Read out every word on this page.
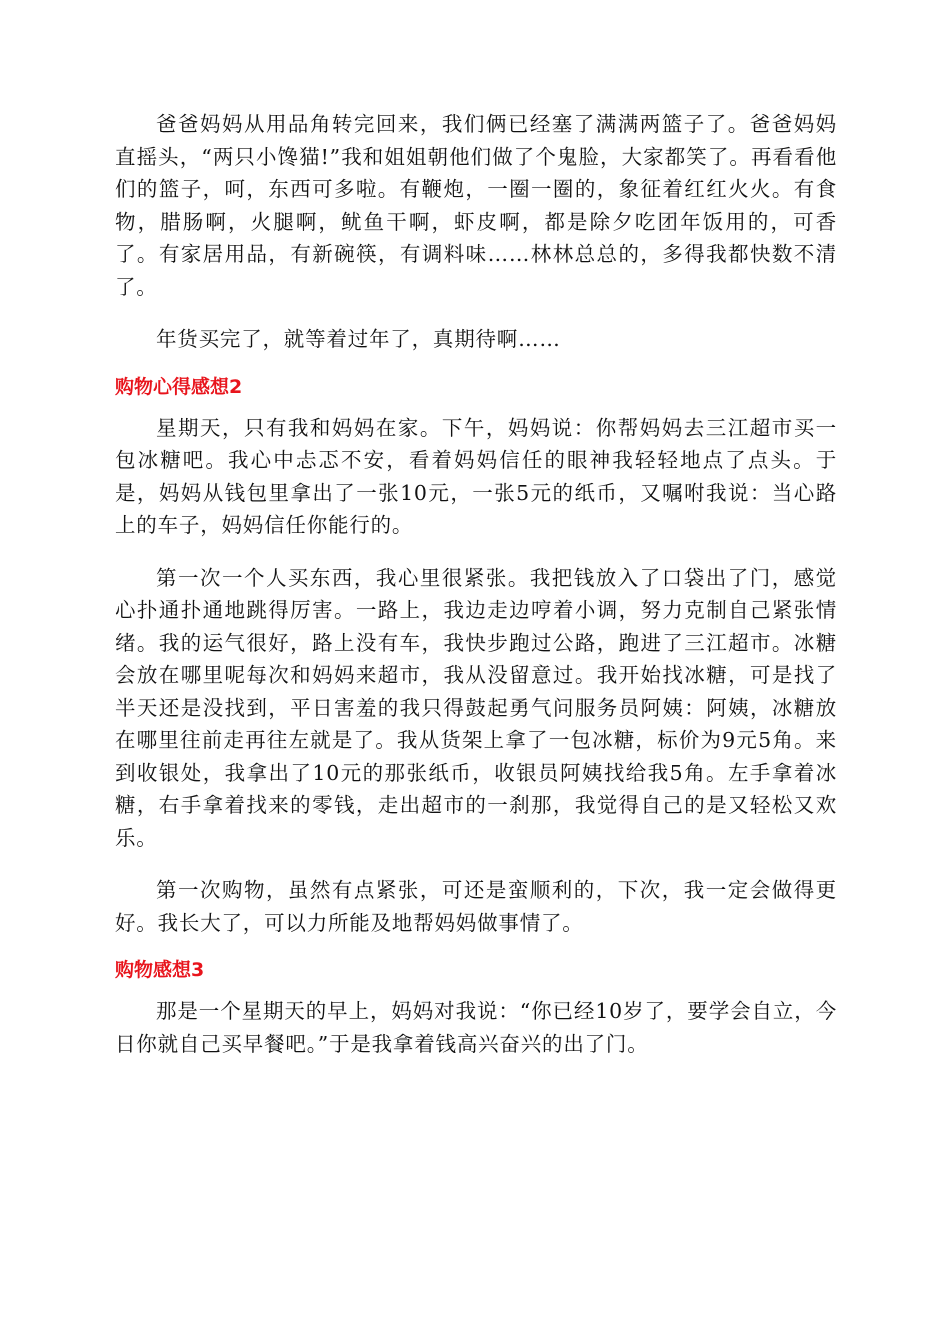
爸爸妈妈从用品角转完回来，我们俩已经塞了满满两篮子了。爸爸妈妈直摇头，“两只小馋猫!”我和姐姐朝他们做了个鬼脸，大家都笑了。再看看他们的篮子，呵，东西可多啦。有鞭炮，一圈一圈的，象征着红红火火。有食物，腊肠啊，火腿啊，鱿鱼干啊，虾皮啊，都是除夕吃团年饭用的，可香了。有家居用品，有新碗筷，有调料味……林林总总的，多得我都快数不清了。

年货买完了，就等着过年了，真期待啊……

购物心得感想2

星期天，只有我和妈妈在家。下午，妈妈说：你帮妈妈去三江超市买一包冰糖吧。我心中忐忑不安，看着妈妈信任的眼神我轻轻地点了点头。于是，妈妈从钱包里拿出了一张10元，一张5元的纸币，又嘱咐我说：当心路上的车子，妈妈信任你能行的。

第一次一个人买东西，我心里很紧张。我把钱放入了口袋出了门，感觉心扑通扑通地跳得厉害。一路上，我边走边哼着小调，努力克制自己紧张情绪。我的运气很好，路上没有车，我快步跑过公路，跑进了三江超市。冰糖会放在哪里呢每次和妈妈来超市，我从没留意过。我开始找冰糖，可是找了半天还是没找到，平日害羞的我只得鼓起勇气问服务员阿姨：阿姨，冰糖放在哪里往前走再往左就是了。我从货架上拿了一包冰糖，标价为9元5角。来到收银处，我拿出了10元的那张纸币，收银员阿姨找给我5角。左手拿着冰糖，右手拿着找来的零钱，走出超市的一刹那，我觉得自己的是又轻松又欢乐。

第一次购物，虽然有点紧张，可还是蛮顺利的，下次，我一定会做得更好。我长大了，可以力所能及地帮妈妈做事情了。

购物感想3

那是一个星期天的早上，妈妈对我说：“你已经10岁了，要学会自立，今日你就自己买早餐吧。”于是我拿着钱高兴奋兴的出了门。
